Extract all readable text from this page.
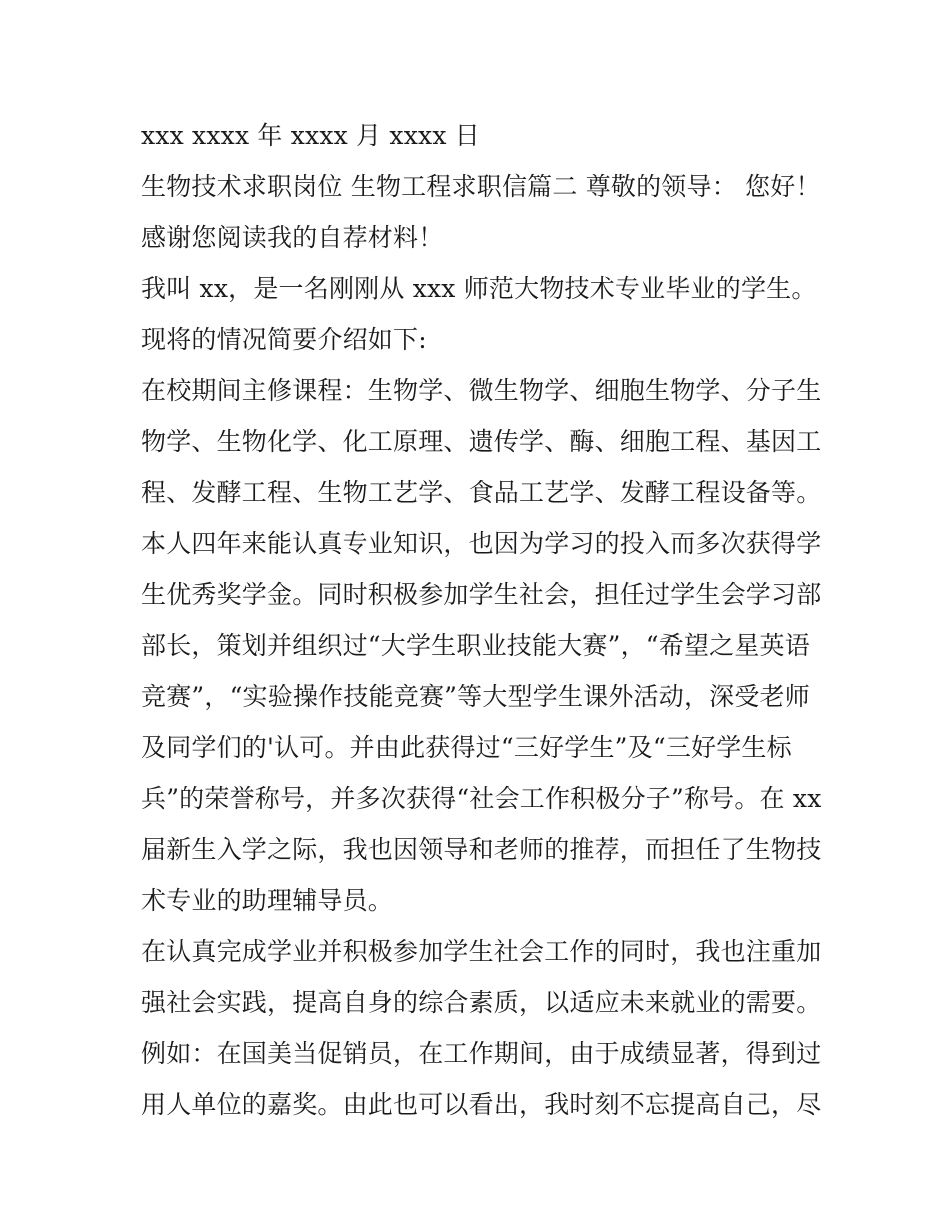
xxx xxxx 年 xxxx 月 xxxx 日
生物技术求职岗位 生物工程求职信篇二 尊敬的领导： 您好！
感谢您阅读我的自荐材料！
我叫 xx，是一名刚刚从 xxx 师范大物技术专业毕业的学生。
现将的情况简要介绍如下:
在校期间主修课程：生物学、微生物学、细胞生物学、分子生
物学、生物化学、化工原理、遗传学、酶、细胞工程、基因工
程、发酵工程、生物工艺学、食品工艺学、发酵工程设备等。
本人四年来能认真专业知识，也因为学习的投入而多次获得学
生优秀奖学金。同时积极参加学生社会，担任过学生会学习部
部长，策划并组织过“大学生职业技能大赛”，“希望之星英语
竞赛”，“实验操作技能竞赛”等大型学生课外活动，深受老师
及同学们的'认可。并由此获得过“三好学生”及“三好学生标
兵”的荣誉称号，并多次获得“社会工作积极分子”称号。在 xx
届新生入学之际，我也因领导和老师的推荐，而担任了生物技
术专业的助理辅导员。
在认真完成学业并积极参加学生社会工作的同时，我也注重加
强社会实践，提高自身的综合素质，以适应未来就业的需要。
例如：在国美当促销员，在工作期间，由于成绩显著，得到过
用人单位的嘉奖。由此也可以看出，我时刻不忘提高自己，尽
